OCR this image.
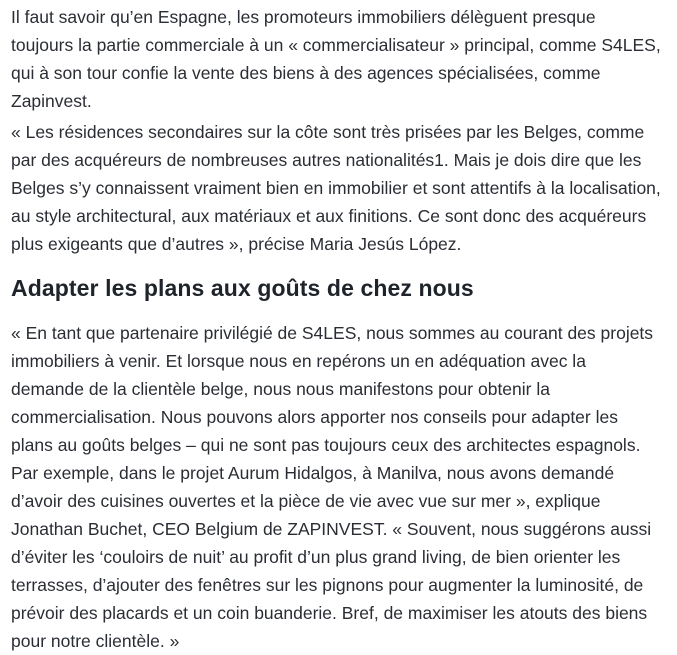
Il faut savoir qu’en Espagne, les promoteurs immobiliers délèguent presque toujours la partie commerciale à un « commercialisateur » principal, comme S4LES, qui à son tour confie la vente des biens à des agences spécialisées, comme Zapinvest.

« Les résidences secondaires sur la côte sont très prisées par les Belges, comme par des acquéreurs de nombreuses autres nationalités1. Mais je dois dire que les Belges s’y connaissent vraiment bien en immobilier et sont attentifs à la localisation, au style architectural, aux matériaux et aux finitions. Ce sont donc des acquéreurs plus exigeants que d’autres », précise Maria Jesús López.

Adapter les plans aux goûts de chez nous

« En tant que partenaire privilégié de S4LES, nous sommes au courant des projets immobiliers à venir. Et lorsque nous en repérons un en adéquation avec la demande de la clientèle belge, nous nous manifestons pour obtenir la commercialisation. Nous pouvons alors apporter nos conseils pour adapter les plans au goûts belges – qui ne sont pas toujours ceux des architectes espagnols. Par exemple, dans le projet Aurum Hidalgos, à Manilva, nous avons demandé d’avoir des cuisines ouvertes et la pièce de vie avec vue sur mer », explique Jonathan Buchet, CEO Belgium de ZAPINVEST. « Souvent, nous suggérons aussi d’éviter les ‘couloirs de nuit’ au profit d’un plus grand living, de bien orienter les terrasses, d’ajouter des fenêtres sur les pignons pour augmenter la luminosité, de prévoir des placards et un coin buanderie. Bref, de maximiser les atouts des biens pour notre clientèle. »
